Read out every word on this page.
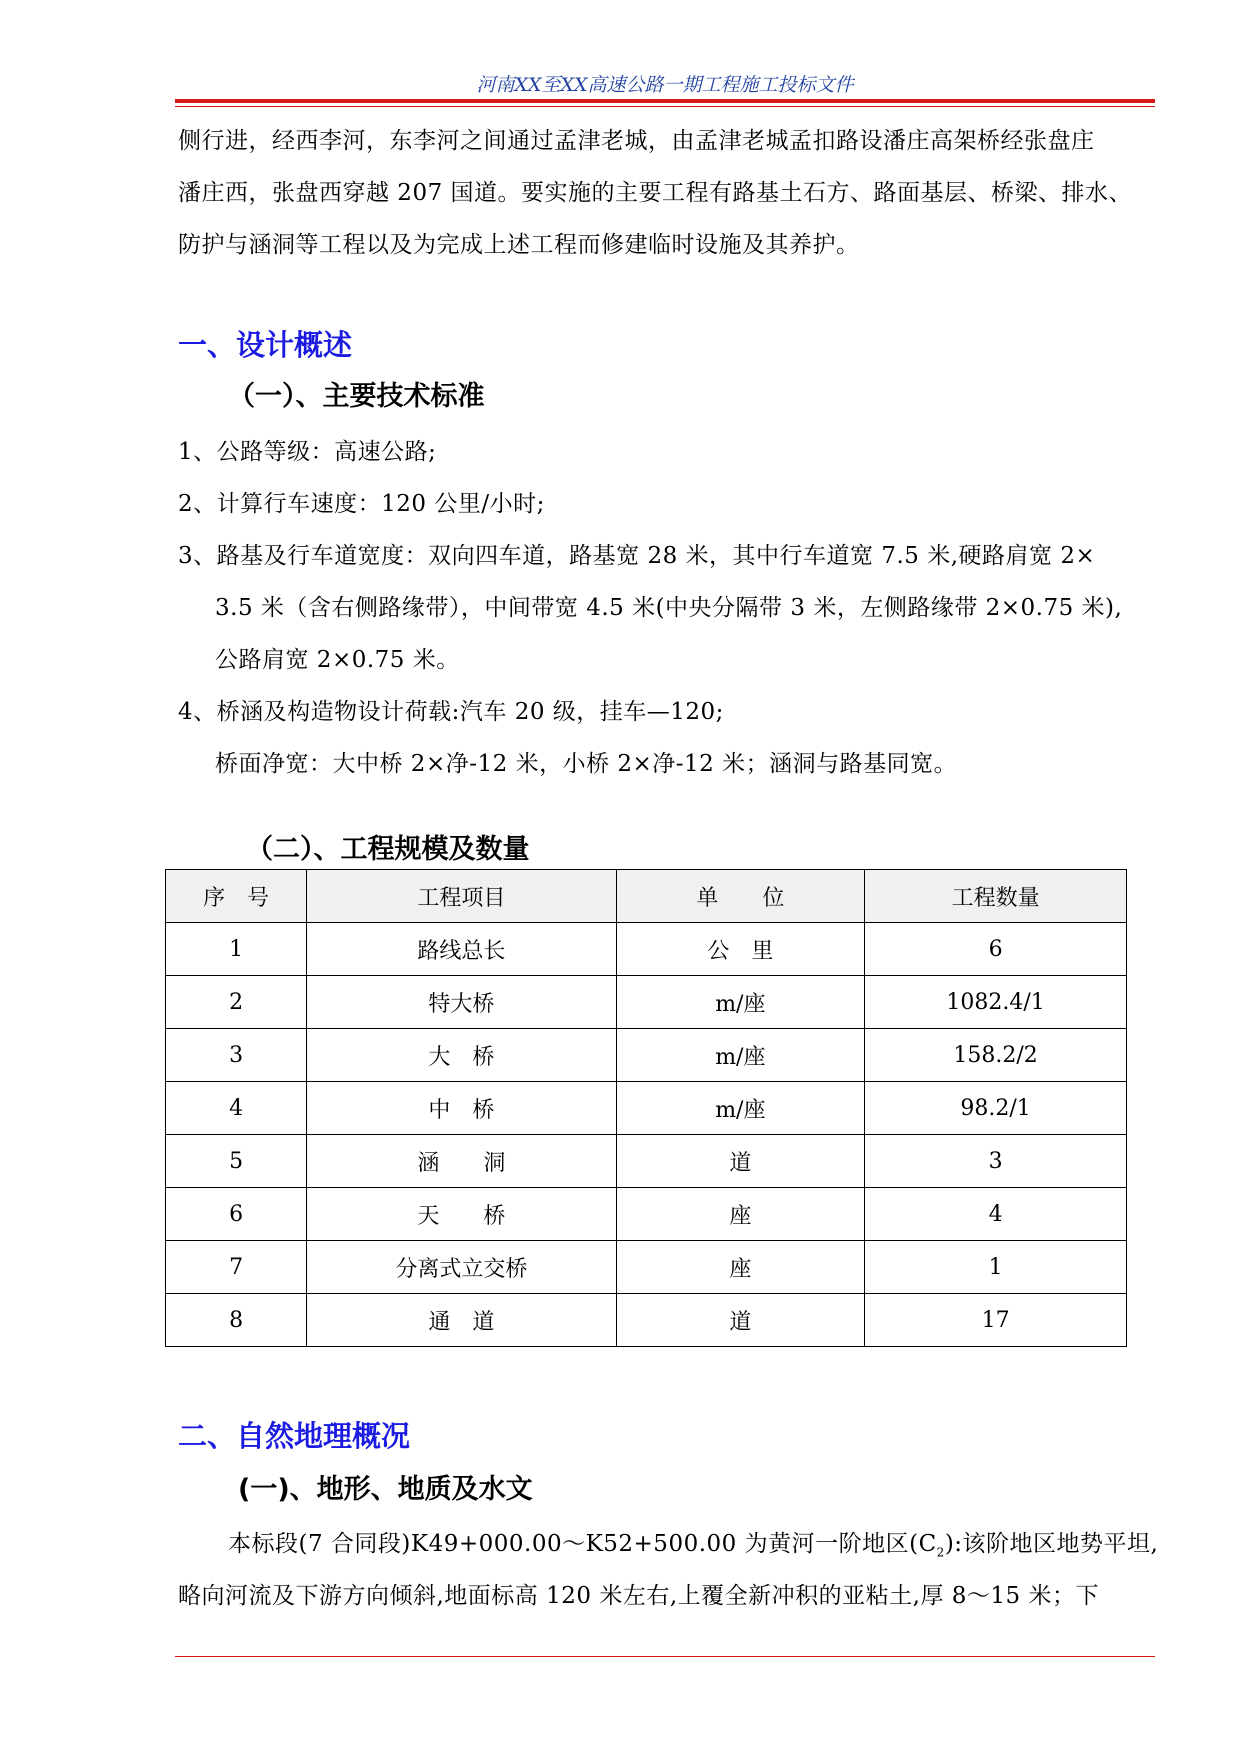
河南XX至XX高速公路一期工程施工投标文件
侧行进，经西李河，东李河之间通过孟津老城，由孟津老城孟扣路设潘庄高架桥经张盘庄
潘庄西，张盘西穿越 207 国道。要实施的主要工程有路基土石方、路面基层、桥梁、排水、
防护与涵洞等工程以及为完成上述工程而修建临时设施及其养护。
一、设计概述
（一）、主要技术标准
1、公路等级：高速公路;
2、计算行车速度：120 公里/小时;
3、路基及行车道宽度：双向四车道，路基宽 28 米，其中行车道宽 7.5 米,硬路肩宽 2×
3.5 米（含右侧路缘带），中间带宽 4.5 米(中央分隔带 3 米，左侧路缘带 2×0.75 米),
公路肩宽 2×0.75 米。
4、桥涵及构造物设计荷载:汽车 20 级，挂车—120;
桥面净宽：大中桥 2×净-12 米，小桥 2×净-12 米；涵洞与路基同宽。
（二）、工程规模及数量
序　号	工程项目	单　　位	工程数量
1	路线总长	公　里	6
2	特大桥	m/座	1082.4/1
3	大　桥	m/座	158.2/2
4	中　桥	m/座	98.2/1
5	涵　　洞	道	3
6	天　　桥	座	4
7	分离式立交桥	座	1
8	通　道	道	17
二、自然地理概况
(一)、地形、地质及水文
本标段(7 合同段)K49+000.00～K52+500.00 为黄河一阶地区$(C_2)$:该阶地区地势平坦,
略向河流及下游方向倾斜,地面标高 120 米左右,上覆全新冲积的亚粘土,厚 8～15 米；下
